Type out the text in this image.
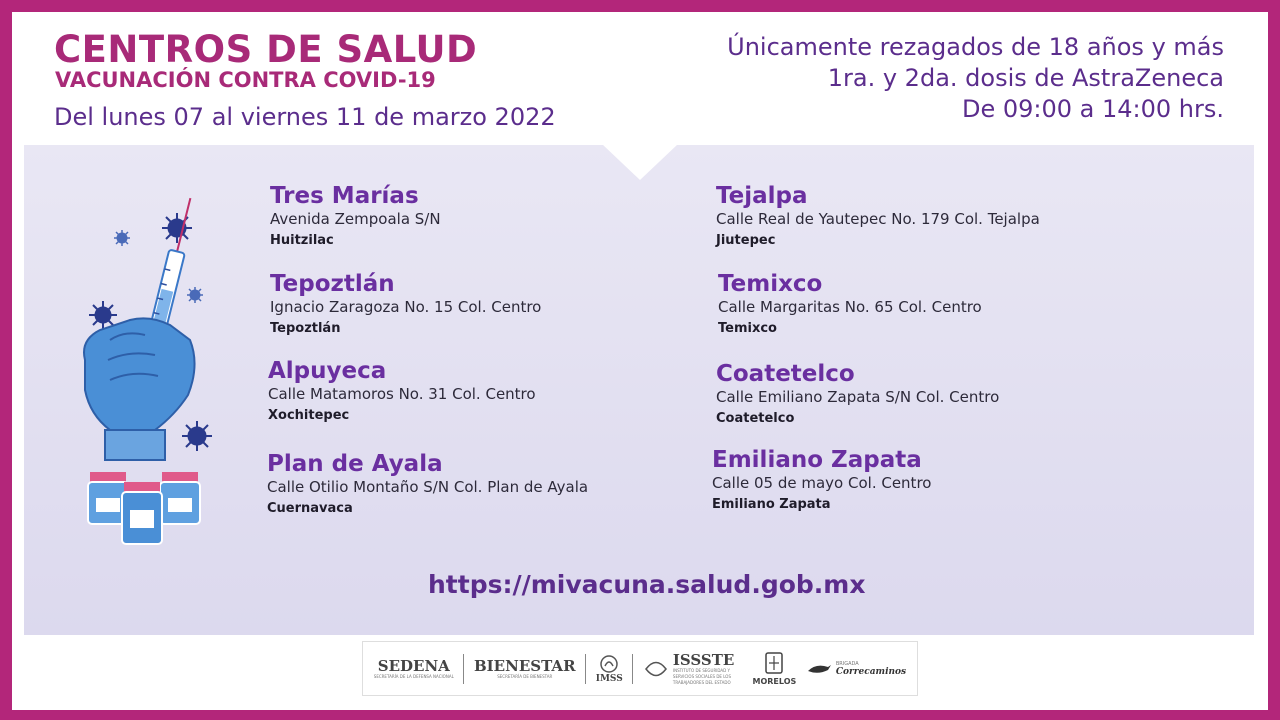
CENTROS DE SALUD
VACUNACIÓN CONTRA COVID-19
Del lunes 07 al viernes 11 de marzo 2022
Únicamente rezagados de 18 años y más
1ra. y 2da. dosis de AstraZeneca
De 09:00 a 14:00 hrs.
Tres Marías
Avenida Zempoala S/N
Huitzilac
Tepoztlán
Ignacio Zaragoza No. 15 Col. Centro
Tepoztlán
Alpuyeca
Calle Matamoros No. 31 Col. Centro
Xochitepec
Plan de Ayala
Calle Otilio Montaño S/N Col. Plan de Ayala
Cuernavaca
Tejalpa
Calle Real de Yautepec No. 179 Col. Tejalpa
Jiutepec
Temixco
Calle Margaritas No. 65 Col. Centro
Temixco
Coatetelco
Calle Emiliano Zapata S/N Col. Centro
Coatetelco
Emiliano Zapata
Calle 05 de mayo Col. Centro
Emiliano Zapata
https://mivacuna.salud.gob.mx
SEDENA
SECRETARÍA DE LA DEFENSA NACIONAL
BIENESTAR
SECRETARÍA DE BIENESTAR	IMSS
ISSSTE
INSTITUTO DE SEGURIDAD Y SERVICIOS SOCIALES DE LOS TRABAJADORES DEL ESTADO	MORELOS
BRIGADA
Correcaminos
